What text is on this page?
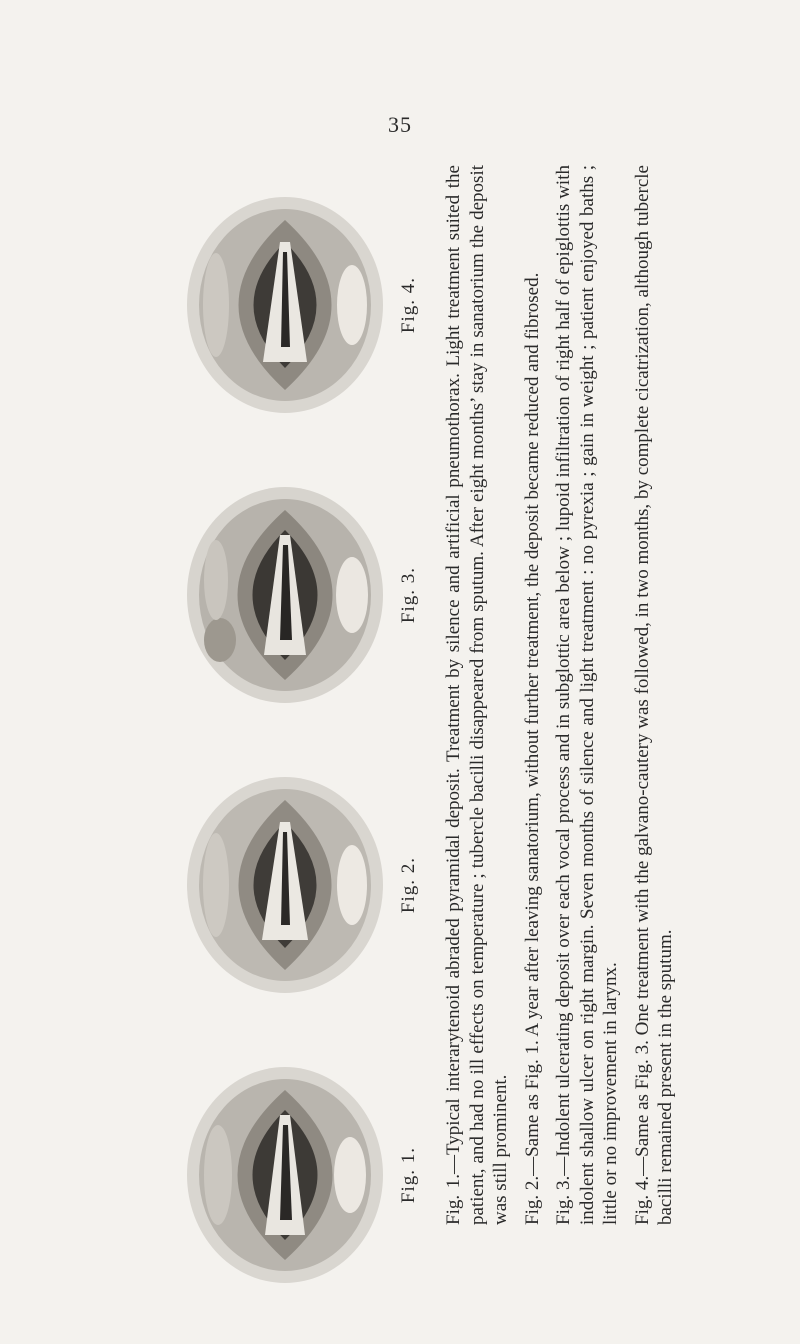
35
Fig. 1.
Fig. 2.
Fig. 3.
Fig. 4. Fig. 1.—Typical interarytenoid abraded pyramidal deposit. Treatment by silence and artificial pneumothorax. Light treatment suited the patient, and had no ill effects on temperature ; tubercle bacilli disappeared from sputum. After eight months’ stay in sanatorium the deposit was still prominent. Fig. 2.—Same as Fig. 1. A year after leaving sanatorium, without further treatment, the deposit became reduced and fibrosed. Fig. 3.—Indolent ulcerating deposit over each vocal process and in subglottic area below ; lupoid infiltration of right half of epiglottis with indolent shallow ulcer on right margin. Seven months of silence and light treatment : no pyrexia ; gain in weight ; patient enjoyed baths ; little or no improvement in larynx. Fig. 4.—Same as Fig. 3. One treatment with the galvano-cautery was followed, in two months, by complete cicatrization, although tubercle bacilli remained present in the sputum.
